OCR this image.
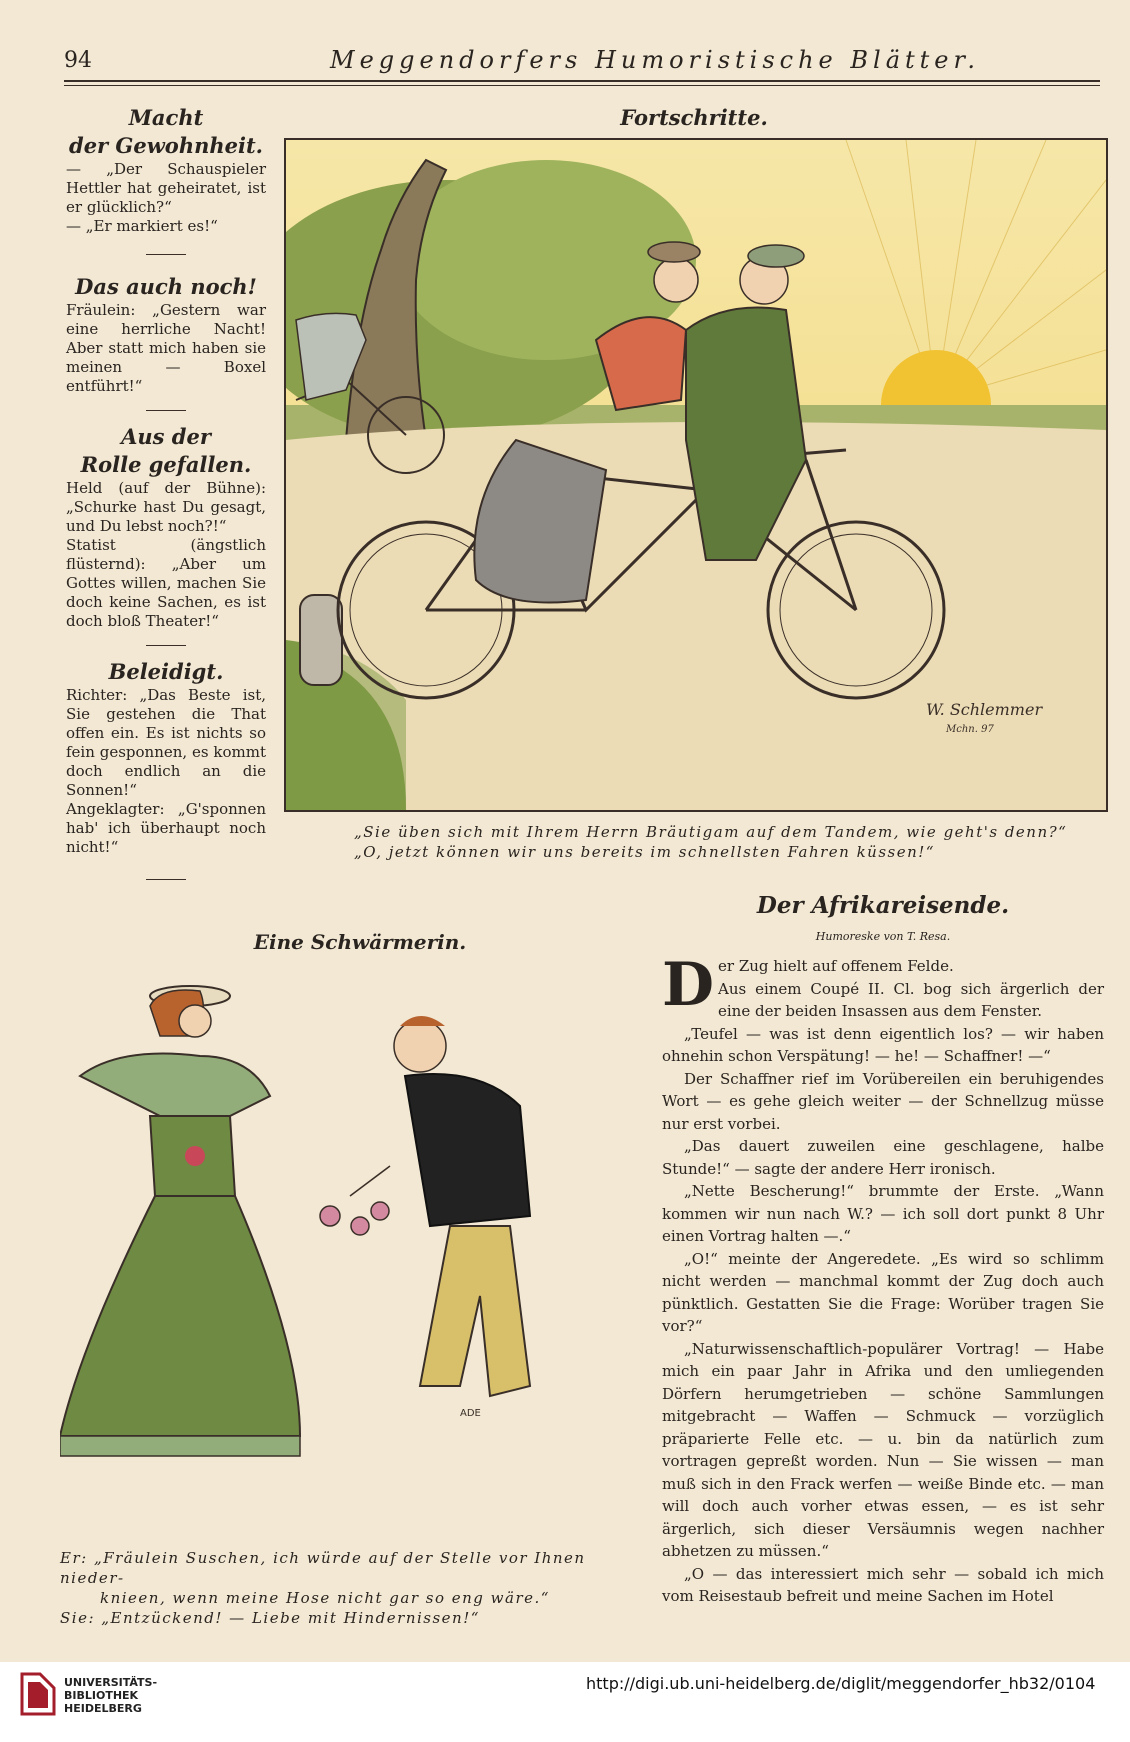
94	Meggendorfers Humoristische Blätter.
Macht
der Gewohnheit.

— „Der Schauspieler Hettler hat geheiratet, ist er glücklich?“

— „Er markiert es!“

Das auch noch!

Fräulein: „Gestern war eine herrliche Nacht! Aber statt mich haben sie meinen — Boxel entführt!“

Aus der
Rolle gefallen.

Held (auf der Bühne): „Schurke hast Du gesagt, und Du lebst noch?!“

Statist (ängstlich flüsternd): „Aber um Gottes willen, machen Sie doch keine Sachen, es ist doch bloß Theater!“

Beleidigt.

Richter: „Das Beste ist, Sie gestehen die That offen ein. Es ist nichts so fein gesponnen, es kommt doch endlich an die Sonnen!“

Angeklagter: „G'sponnen hab' ich überhaupt noch nicht!“

Fortschritte.
W. Schlemmer
Mchn. 97
„Sie üben sich mit Ihrem Herrn Bräutigam auf dem Tandem, wie geht's denn?“
„O, jetzt können wir uns bereits im schnellsten Fahren küssen!“
Eine Schwärmerin.
ADE
Er: „Fräulein Suschen, ich würde auf der Stelle vor Ihnen nieder-
knieen, wenn meine Hose nicht gar so eng wäre.“
Sie: „Entzückend! — Liebe mit Hindernissen!“
Der Afrikareisende.
Humoreske von T. Resa.
D er Zug hielt auf offenem Felde.

Aus einem Coupé II. Cl. bog sich ärgerlich der eine der beiden Insassen aus dem Fenster.

„Teufel — was ist denn eigentlich los? — wir haben ohnehin schon Verspätung! — he! — Schaffner! —“

Der Schaffner rief im Vorübereilen ein beruhigendes Wort — es gehe gleich weiter — der Schnellzug müsse nur erst vorbei.

„Das dauert zuweilen eine geschlagene, halbe Stunde!“ — sagte der andere Herr ironisch.

„Nette Bescherung!“ brummte der Erste. „Wann kommen wir nun nach W.? — ich soll dort punkt 8 Uhr einen Vortrag halten —.“

„O!“ meinte der Angeredete. „Es wird so schlimm nicht werden — manchmal kommt der Zug doch auch pünktlich. Gestatten Sie die Frage: Worüber tragen Sie vor?“

„Naturwissenschaftlich-populärer Vortrag! — Habe mich ein paar Jahr in Afrika und den umliegenden Dörfern herumgetrieben — schöne Sammlungen mitgebracht — Waffen — Schmuck — vorzüglich präparierte Felle etc. — u. bin da natürlich zum vortragen gepreßt worden. Nun — Sie wissen — man muß sich in den Frack werfen — weiße Binde etc. — man will doch auch vorher etwas essen, — es ist sehr ärgerlich, sich dieser Versäumnis wegen nachher abhetzen zu müssen.“

„O — das interessiert mich sehr — sobald ich mich vom Reisestaub befreit und meine Sachen im Hotel

UNIVERSITÄTS-
BIBLIOTHEK
HEIDELBERG
http://digi.ub.uni-heidelberg.de/diglit/meggendorfer_hb32/0104
